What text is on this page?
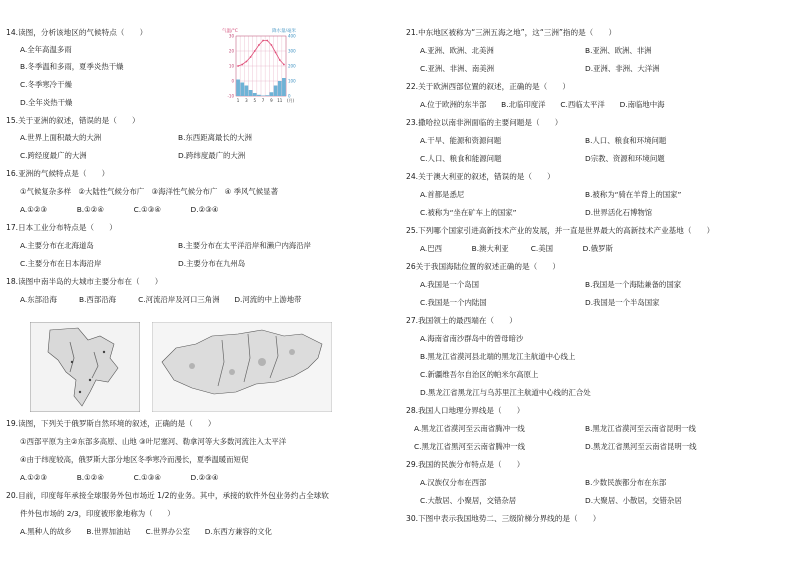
14.读图，分析该地区的气候特点（　　）
A.全年高温多雨
B.冬季温和多雨，夏季炎热干燥
C.冬季寒冷干燥
D.全年炎热干燥
15.关于亚洲的叙述，错误的是（　　）
A.世界上面积最大的大洲	B.东西距离最长的大洲
C.跨经度最广的大洲	D.跨纬度最广的大洲
16.亚洲的气候特点是（　　）
①气候复杂多样　②大陆性气候分布广　③海洋性气候分布广　④ 季风气候显著
A.①②③　　　　B.①②④　　　　C.①③④　　　　D.②③④
17.日本工业分布特点是（　　）
A.主要分布在北海道岛	B.主要分布在太平洋沿岸和濑户内海沿岸
C.主要分布在日本海沿岸	D.主要分布在九州岛
18.读图中南半岛的大城市主要分布在（　　）
A.东部沿海　　　B.西部沿海　　　C.河流沿岸及河口三角洲　　D.河流的中上游地带
19.读图，下列关于俄罗斯自然环境的叙述，正确的是（　　）
①西部平原为主②东部多高原、山地 ③叶尼塞河、勒拿河等大多数河流注入太平洋
④由于纬度较高，俄罗斯大部分地区冬季寒冷而漫长，夏季温暖而短促
A.①②③　　　　B.①②④　　　　C.①③④　　　　D.②③④
20.目前，印度每年承接全球服务外包市场近 1/2的业务。其中，承接的软件外包业务约占全球软
件外包市场的 2/3，印度被形象地称为（　　）
A.黑种人的故乡　　B.世界加油站　　C.世界办公室　　D.东西方兼容的文化
21.中东地区被称为“三洲五海之地”，这“三洲”指的是（　　）
A.亚洲、欧洲、北美洲	B.亚洲、欧洲、非洲
C.亚洲、非洲、南美洲	D.亚洲、非洲、大洋洲
22.关于欧洲西部位置的叙述，正确的是（　　）
A.位于欧洲的东半部　　B.北临印度洋　　C.西临太平洋　　D.南临地中海
23.撒哈拉以南非洲面临的主要问题是（　　）
A.干旱、能源和资源问题	B.人口、粮食和环境问题
C.人口、粮食和能源问题	D宗教、资源和环境问题
24.关于澳大利亚的叙述，错误的是（　　）
A.首都是悉尼	B.被称为“骑在羊背上的国家”
C.被称为“坐在矿车上的国家”	D.世界活化石博物馆
25.下列哪个国家引进高新技术产业的发展，并一直是世界最大的高新技术产业基地（　　）
A.巴西　　　　B.澳大利亚　　　C.美国　　　　D.俄罗斯
26关于我国海陆位置的叙述正确的是（　　）
A.我国是一个岛国	B.我国是一个海陆兼备的国家
C.我国是一个内陆国	D.我国是一个半岛国家
27.我国领土的最西端在（　　）
A.海南省南沙群岛中的曾母暗沙
B.黑龙江省漠河县北端的黑龙江主航道中心线上
C.新疆维吾尔自治区的帕米尔高原上
D.黑龙江省黑龙江与乌苏里江主航道中心线的汇合处
28.我国人口地理分界线是（　　）
A.黑龙江省漠河至云南省腾冲一线	B.黑龙江省漠河至云南省昆明一线
C.黑龙江省黑河至云南省腾冲一线	D.黑龙江省黑河至云南省昆明一线
29.我国的民族分布特点是（　　）
A.汉族仅分布在西部	B.少数民族都分布在东部
C.大散居、小聚居，交错杂居	D.大聚居、小散居，交错杂居
30.下图中表示我国地势二、三级阶梯分界线的是（　　）
气温/°C	降水量/毫米
30
20
10
0
-10
400
300
200
100
0
1 3 5 7 9 11 (月)
